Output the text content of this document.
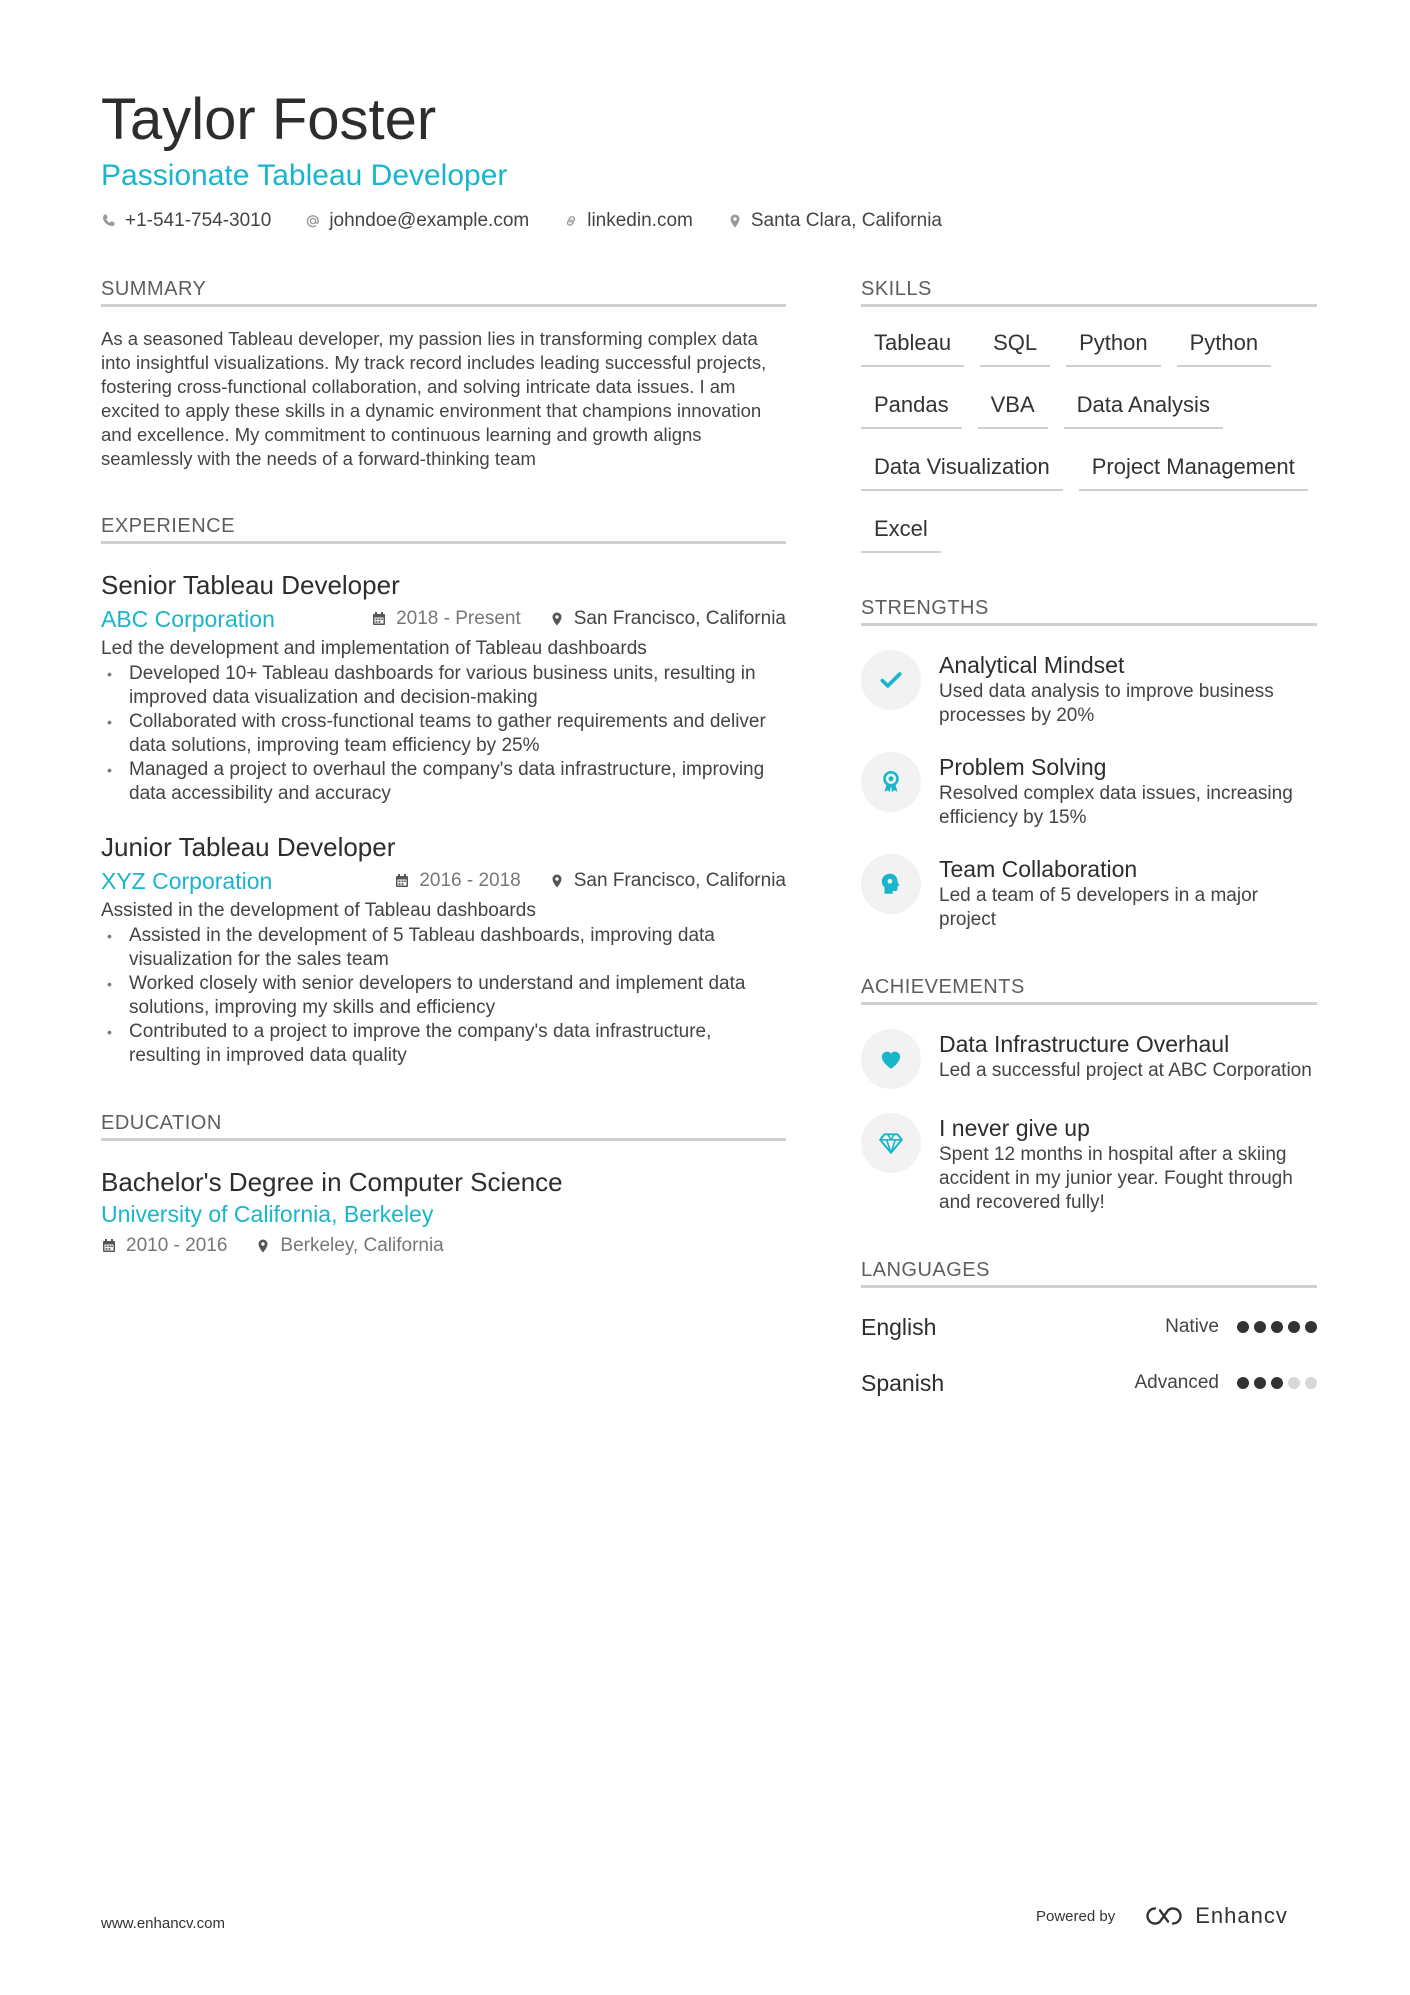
Taylor Foster
Passionate Tableau Developer
+1-541-754-3010	johndoe@example.com	linkedin.com	Santa Clara, California
SUMMARY
As a seasoned Tableau developer, my passion lies in transforming complex data into insightful visualizations. My track record includes leading successful projects, fostering cross-functional collaboration, and solving intricate data issues. I am excited to apply these skills in a dynamic environment that champions innovation and excellence. My commitment to continuous learning and growth aligns seamlessly with the needs of a forward-thinking team
EXPERIENCE
Senior Tableau Developer
ABC Corporation	2018 - Present	San Francisco, California
Led the development and implementation of Tableau dashboards
• Developed 10+ Tableau dashboards for various business units, resulting in improved data visualization and decision-making
• Collaborated with cross-functional teams to gather requirements and deliver data solutions, improving team efficiency by 25%
• Managed a project to overhaul the company's data infrastructure, improving data accessibility and accuracy
Junior Tableau Developer
XYZ Corporation	2016 - 2018	San Francisco, California
Assisted in the development of Tableau dashboards
• Assisted in the development of 5 Tableau dashboards, improving data visualization for the sales team
• Worked closely with senior developers to understand and implement data solutions, improving my skills and efficiency
• Contributed to a project to improve the company's data infrastructure, resulting in improved data quality
EDUCATION
Bachelor's Degree in Computer Science
University of California, Berkeley
2010 - 2016	Berkeley, California
SKILLS
Tableau	SQL	Python	Python
Pandas	VBA	Data Analysis
Data Visualization	Project Management
Excel
STRENGTHS
Analytical Mindset
Used data analysis to improve business processes by 20%
Problem Solving
Resolved complex data issues, increasing efficiency by 15%
Team Collaboration
Led a team of 5 developers in a major project
ACHIEVEMENTS
Data Infrastructure Overhaul
Led a successful project at ABC Corporation
I never give up
Spent 12 months in hospital after a skiing accident in my junior year. Fought through and recovered fully!
LANGUAGES
English	Native
Spanish	Advanced
www.enhancv.com	Powered by	Enhancv
